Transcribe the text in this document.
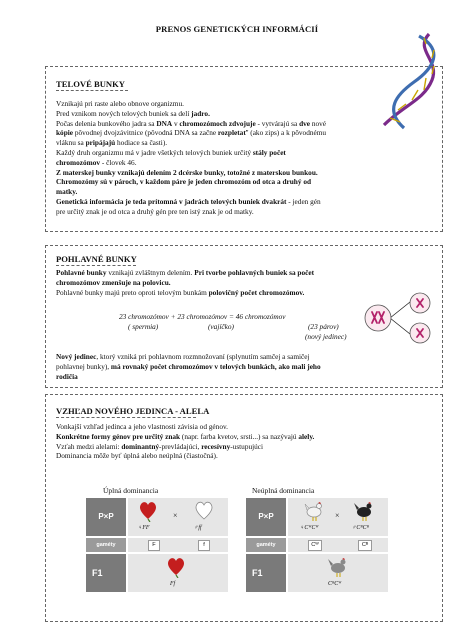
PRENOS GENETICKÝCH INFORMÁCIÍ
TELOVÉ BUNKY

Vznikajú pri raste alebo obnove organizmu.

Pred vznikom nových telových buniek sa delí jadro.

Počas delenia bunkového jadra sa DNA v chromozómoch zdvojuje - vytvárajú sa dve nové

kópie pôvodnej dvojzávitnice (pôvodná DNA sa začne rozpletať' (ako zips) a k pôvodnému

vláknu sa pripájajú hodiace sa časti).

Každý druh organizmu má v jadre všetkých telových buniek určitý stály počet

chromozómov - človek 46.

Z materskej bunky vznikajú delením 2 dcérske bunky, totožné z materskou bunkou.

Chromozómy sú v pároch, v každom páre je jeden chromozóm od otca a druhý od

matky.

Genetická informácia je teda prítomná v jadrách telových buniek dvakrát - jeden gén

pre určitý znak je od otca a druhý gén pre ten istý znak je od matky.

POHLAVNÉ BUNKY

Pohlavné bunky vznikajú zvláštnym delením. Pri tvorbe pohlavných buniek sa počet

chromozómov zmenšuje na polovicu.

Pohlavné bunky majú preto oproti telovým bunkám polovičný počet chromozómov.

23 chromozómov + 23 chromozómov = 46 chromozómov
( spermia)	(vajíčko)	(23 párov)
(nový jedinec)

Nový jedinec, ktorý vzniká pri pohlavnom rozmnožovaní (splynutím samčej a samičej

pohlavnej bunky), má rovnaký počet chromozómov v telových bunkách, ako mali jeho

rodičia

VZHĽAD NOVÉHO JEDINCA - ALELA

Vonkajší vzhľad jedinca a jeho vlastnosti závisia od génov.

Konkrétne formy génov pre určitý znak (napr. farba kvetov, srsti...) sa nazývajú alely.

Vzťah medzi alelami: dominantný-prevládajúci, recesívny-ustupujúci

Dominancia môže byť úplná alebo neúplná (čiastočná).

Úplná dominancia
P×P
♀FF
×
♂ff
gaméty	F	f
F1
Ff
Neúplná dominancia
P×P
♀CᵂCᵂ
×
♂CᴮCᴮ
gaméty	Cᵂ	Cᴮ
F1
CᴮCᵂ
